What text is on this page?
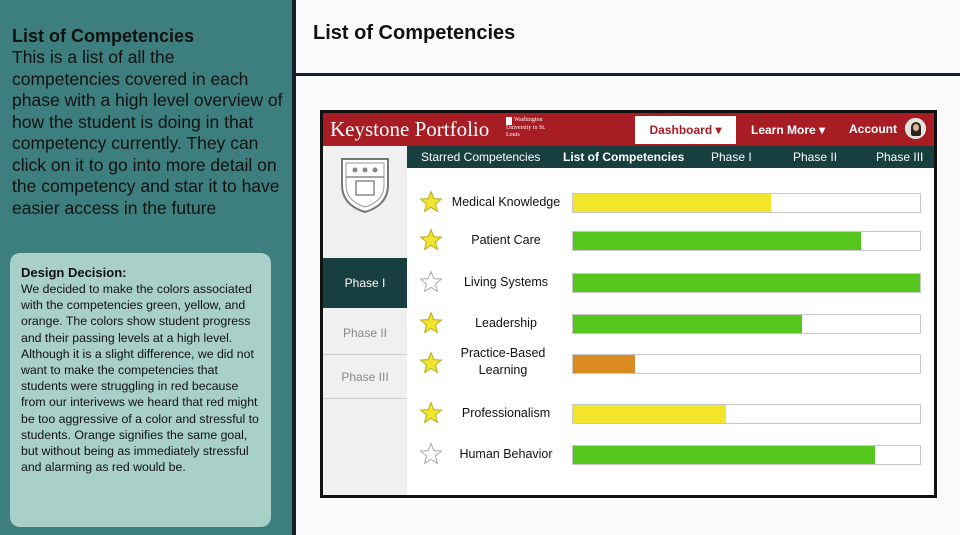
List of Competencies
This is a list of all the competencies covered in each phase with a high level overview of how the student is doing in that competency currently. They can click on it to go into more detail on the competency and star it to have easier access in the future
Design Decision:
We decided to make the colors associated with the competencies green, yellow, and orange. The colors show student progress and their passing levels at a high level. Although it is a slight difference, we did not want to make the competencies that students were struggling in red because from our interivews we heard that red might be too aggressive of a color and stressful to students. Orange signifies the same goal, but without being as immediately stressful and alarming as red would be.
List of Competencies
Keystone Portfolio	Washington University in St. Louis	Dashboard ▾	Learn More ▾ Account
Starred Competencies List of Competencies Phase I	Phase II	Phase III
Phase I
Phase II
Phase III
Medical Knowledge
Patient Care
Living Systems
Leadership
Practice-Based Learning
Professionalism
Human Behavior
